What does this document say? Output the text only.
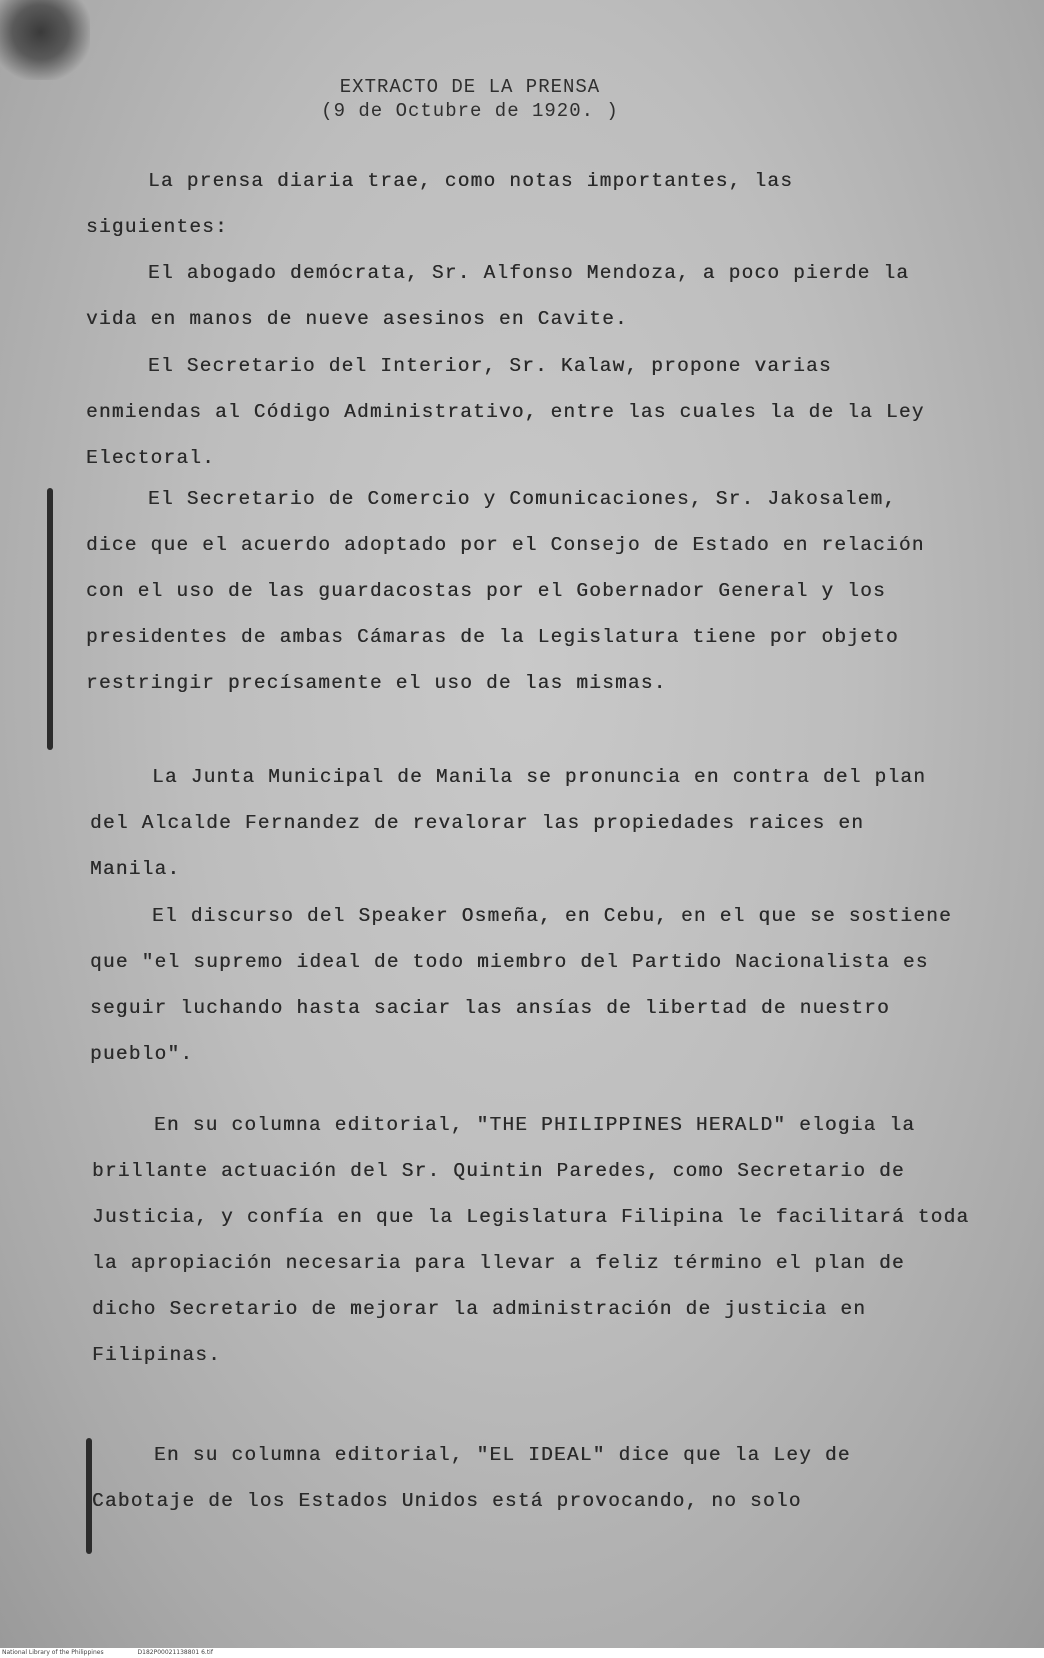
EXTRACTO DE LA PRENSA

(9 de Octubre de 1920. )

La prensa diaria trae, como notas importantes, las siguientes:

El abogado demócrata, Sr. Alfonso Mendoza, a poco pierde la vida en manos de nueve asesinos en Cavite.

El Secretario del Interior, Sr. Kalaw, propone varias enmiendas al Código Administrativo, entre las cuales la de la Ley Electoral.

El Secretario de Comercio y Comunicaciones, Sr. Jakosalem, dice que el acuerdo adoptado por el Consejo de Estado en relación con el uso de las guardacostas por el Gobernador General y los presidentes de ambas Cámaras de la Legislatura tiene por objeto restringir precísamente el uso de las mismas.

La Junta Municipal de Manila se pronuncia en contra del plan del Alcalde Fernandez de revalorar las propiedades raices en Manila.

El discurso del Speaker Osmeña, en Cebu, en el que se sostiene que "el supremo ideal de todo miembro del Partido Nacionalista es seguir luchando hasta saciar las ansías de libertad de nuestro pueblo".

En su columna editorial, "THE PHILIPPINES HERALD" elogia la brillante actuación del Sr. Quintin Paredes, como Secretario de Justicia, y confía en que la Legislatura Filipina le facilitará toda la apropiación necesaria para llevar a feliz término el plan de dicho Secretario de mejorar la administración de justicia en Filipinas.

En su columna editorial, "EL IDEAL" dice que la Ley de Cabotaje de los Estados Unidos está provocando, no solo

National Library of the Philippines	D182P00021138801 6.tif
